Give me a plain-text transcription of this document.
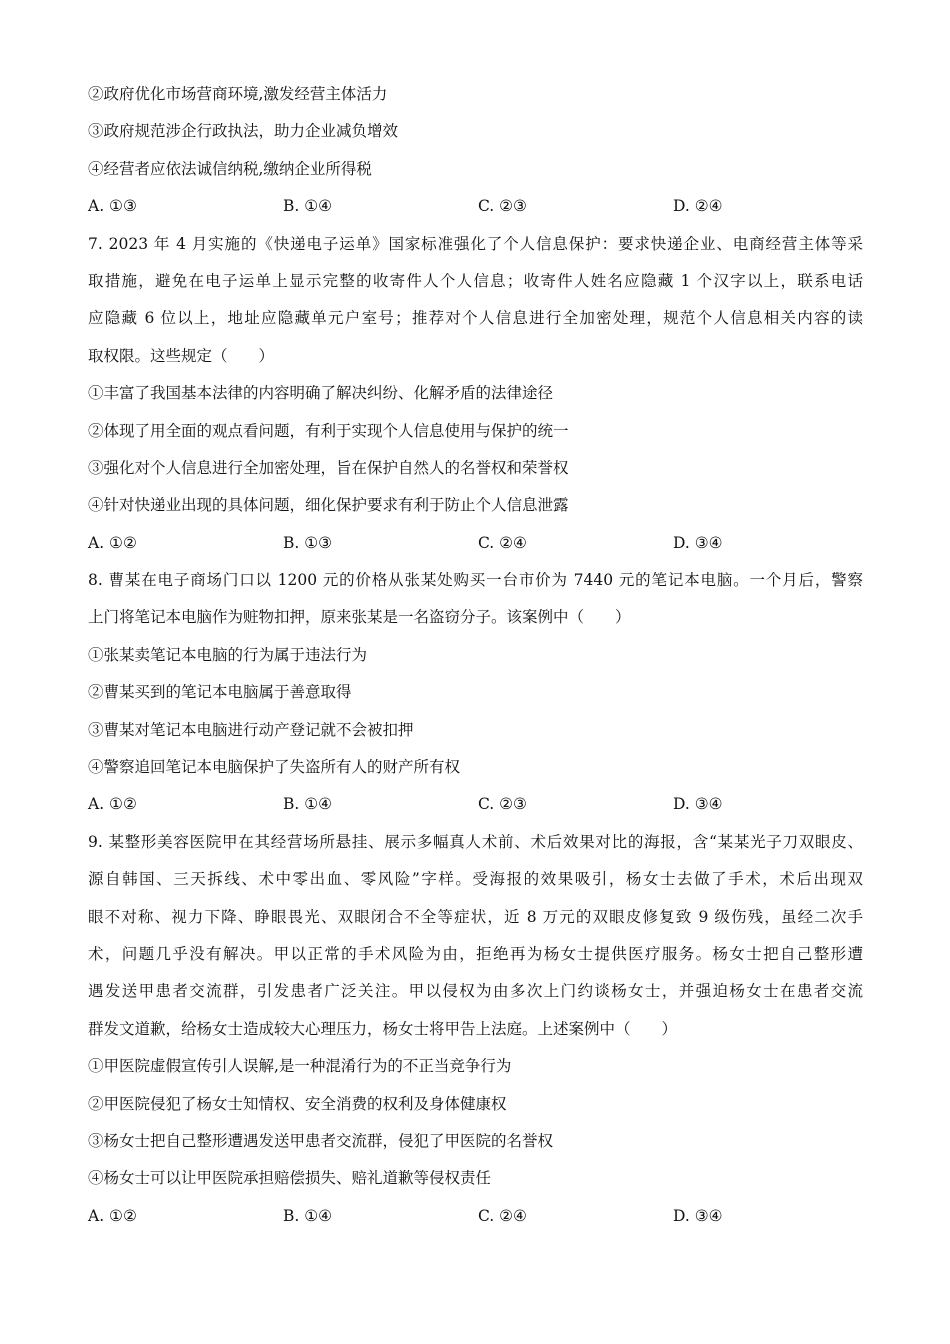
②政府优化市场营商环境,激发经营主体活力
③政府规范涉企行政执法，助力企业减负增效
④经营者应依法诚信纳税,缴纳企业所得税
A. ①③	B. ①④	C. ②③	D. ②④
7. 2023 年 4 月实施的《快递电子运单》国家标准强化了个人信息保护：要求快递企业、电商经营主体等采
取措施，避免在电子运单上显示完整的收寄件人个人信息；收寄件人姓名应隐藏 1 个汉字以上，联系电话
应隐藏 6 位以上，地址应隐藏单元户室号；推荐对个人信息进行全加密处理，规范个人信息相关内容的读
取权限。这些规定（　　）
①丰富了我国基本法律的内容明确了解决纠纷、化解矛盾的法律途径
②体现了用全面的观点看问题，有利于实现个人信息使用与保护的统一
③强化对个人信息进行全加密处理，旨在保护自然人的名誉权和荣誉权
④针对快递业出现的具体问题，细化保护要求有利于防止个人信息泄露
A. ①②	B. ①③	C. ②④	D. ③④
8. 曹某在电子商场门口以 1200 元的价格从张某处购买一台市价为 7440 元的笔记本电脑。一个月后，警察
上门将笔记本电脑作为赃物扣押，原来张某是一名盗窃分子。该案例中（　　）
①张某卖笔记本电脑的行为属于违法行为
②曹某买到的笔记本电脑属于善意取得
③曹某对笔记本电脑进行动产登记就不会被扣押
④警察追回笔记本电脑保护了失盗所有人的财产所有权
A. ①②	B. ①④	C. ②③	D. ③④
9. 某整形美容医院甲在其经营场所悬挂、展示多幅真人术前、术后效果对比的海报，含“某某光子刀双眼皮、
源自韩国、三天拆线、术中零出血、零风险”字样。受海报的效果吸引，杨女士去做了手术，术后出现双
眼不对称、视力下降、睁眼畏光、双眼闭合不全等症状，近 8 万元的双眼皮修复致 9 级伤残，虽经二次手
术，问题几乎没有解决。甲以正常的手术风险为由，拒绝再为杨女士提供医疗服务。杨女士把自己整形遭
遇发送甲患者交流群，引发患者广泛关注。甲以侵权为由多次上门约谈杨女士，并强迫杨女士在患者交流
群发文道歉，给杨女士造成较大心理压力，杨女士将甲告上法庭。上述案例中（　　）
①甲医院虚假宣传引人误解,是一种混淆行为的不正当竞争行为
②甲医院侵犯了杨女士知情权、安全消费的权利及身体健康权
③杨女士把自己整形遭遇发送甲患者交流群，侵犯了甲医院的名誉权
④杨女士可以让甲医院承担赔偿损失、赔礼道歉等侵权责任
A. ①②	B. ①④	C. ②④	D. ③④
